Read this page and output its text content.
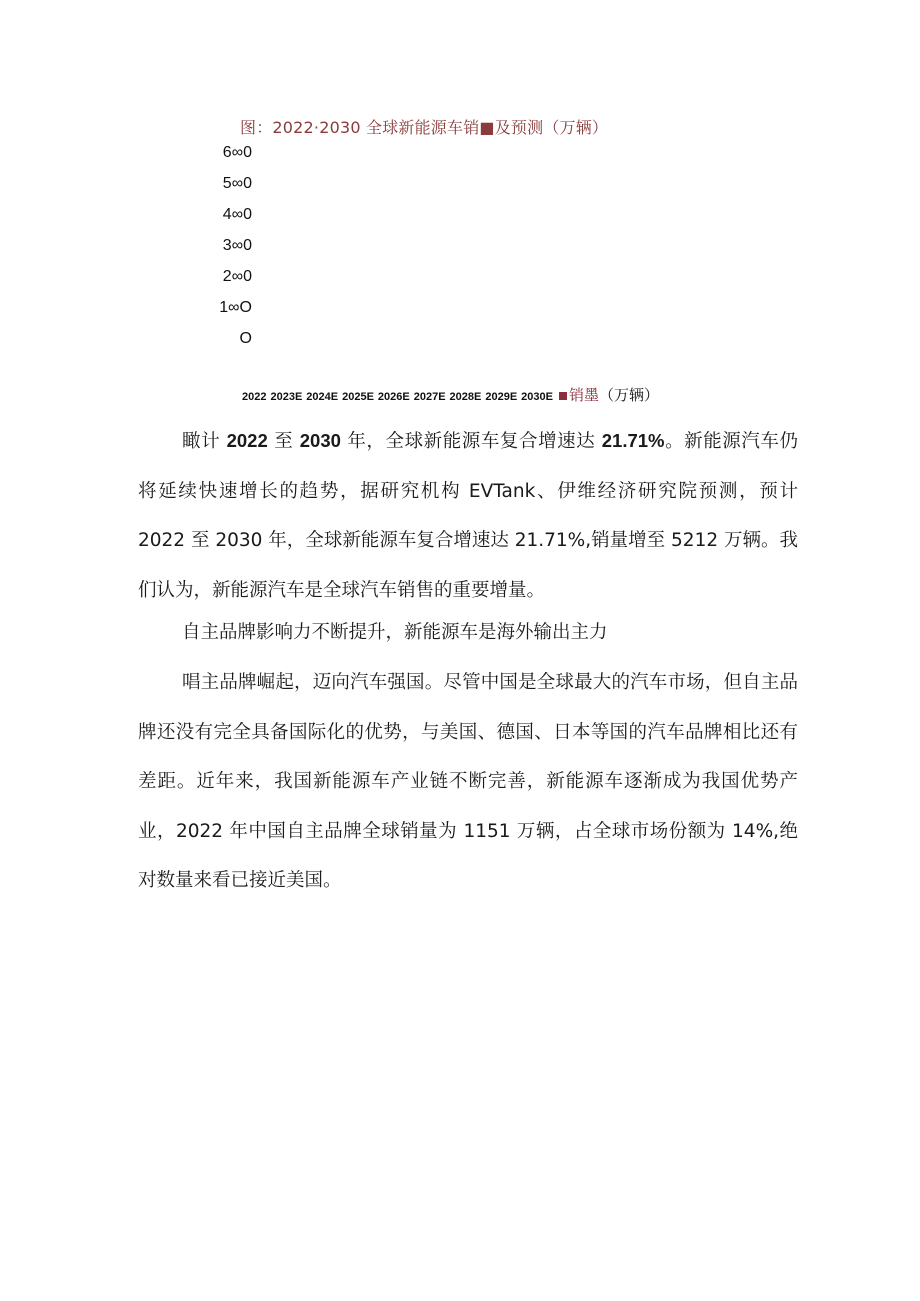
图：2022·2030 全球新能源车销■及预测（万辆）
6∞0
5∞0
4∞0
3∞0
2∞0
1∞O
O
2022 2023E 2024E 2025E 2026E 2027E 2028E 2029E 2030E 销墨（万辆）
瞰计 2022 至 2030 年，全球新能源车复合增速达 21.71%。新能源汽车仍将延续快速增长的趋势，据研究机构 EVTank、伊维经济研究院预测，预计 2022 至 2030 年，全球新能源车复合增速达 21.71%,销量增至 5212 万辆。我们认为，新能源汽车是全球汽车销售的重要增量。
自主品牌影响力不断提升，新能源车是海外输出主力
唱主品牌崛起，迈向汽车强国。尽管中国是全球最大的汽车市场，但自主品牌还没有完全具备国际化的优势，与美国、德国、日本等国的汽车品牌相比还有差距。近年来，我国新能源车产业链不断完善，新能源车逐渐成为我国优势产业，2022 年中国自主品牌全球销量为 1151 万辆，占全球市场份额为 14%,绝对数量来看已接近美国。
